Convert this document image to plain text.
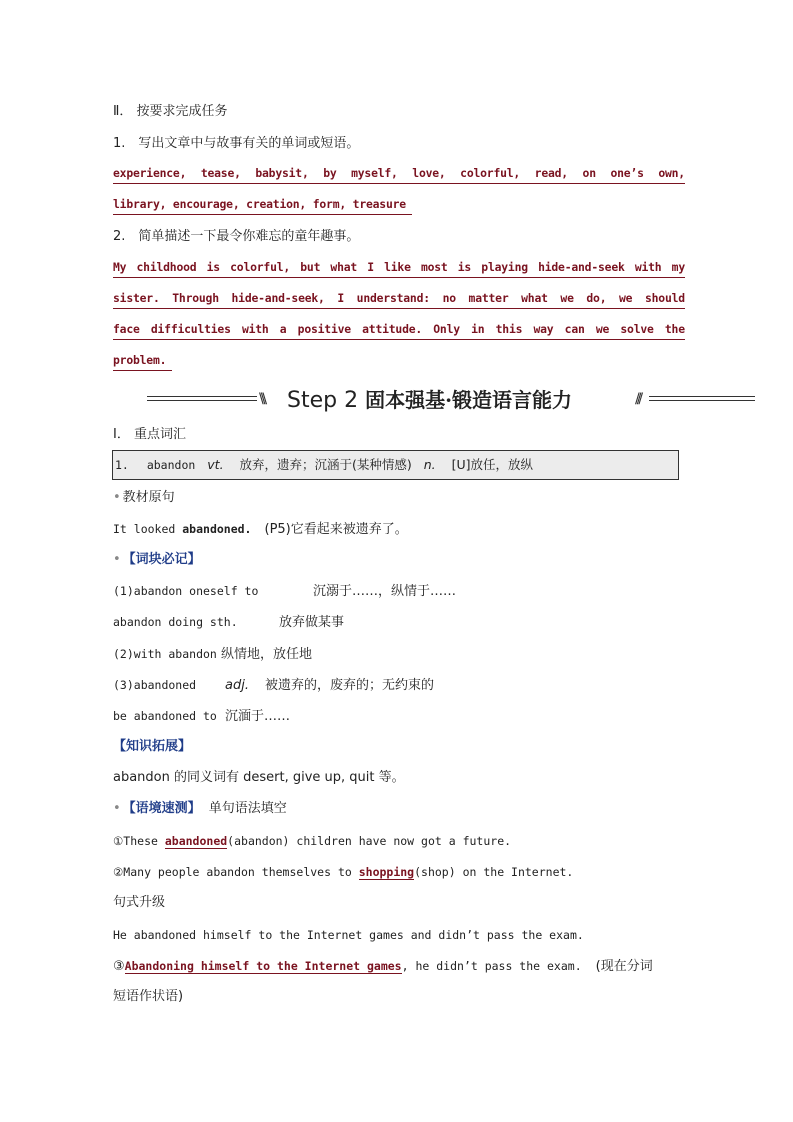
Ⅱ． 按要求完成任务
1.　写出文章中与故事有关的单词或短语。
experience, tease, babysit, by myself, love, colorful, read, on one’s own,
library, encourage, creation, form, treasure
2.　简单描述一下最令你难忘的童年趣事。
My childhood is colorful, but what I like most is playing hide-and-seek with my
sister. Through hide-and-seek, I understand: no matter what we do, we should
face difficulties with a positive attitude. Only in this way can we solve the
problem.
\\\ Step 2 固本强基·锻造语言能力	///
Ⅰ． 重点词汇
1. abandon vt. 放弃，遗弃；沉涵于(某种情感) n. [U]放任，放纵
• 教材原句
It looked abandoned.　(P5)它看起来被遗弃了。
• 【词块必记】
(1)abandon oneself to	沉溺于……，纵情于……
abandon doing sth.	放弃做某事
(2)with abandon 纵情地，放任地
(3)abandoned adj. 被遗弃的，废弃的；无约束的
be abandoned to 沉湎于……
【知识拓展】
abandon 的同义词有 desert, give up, quit 等。
• 【语境速测】 单句语法填空
①These abandoned(abandon) children have now got a future.
②Many people abandon themselves to shopping(shop) on the Internet.
句式升级
He abandoned himself to the Internet games and didn’t pass the exam.
③Abandoning himself to the Internet games, he didn’t pass the exam. (现在分词
短语作状语)
